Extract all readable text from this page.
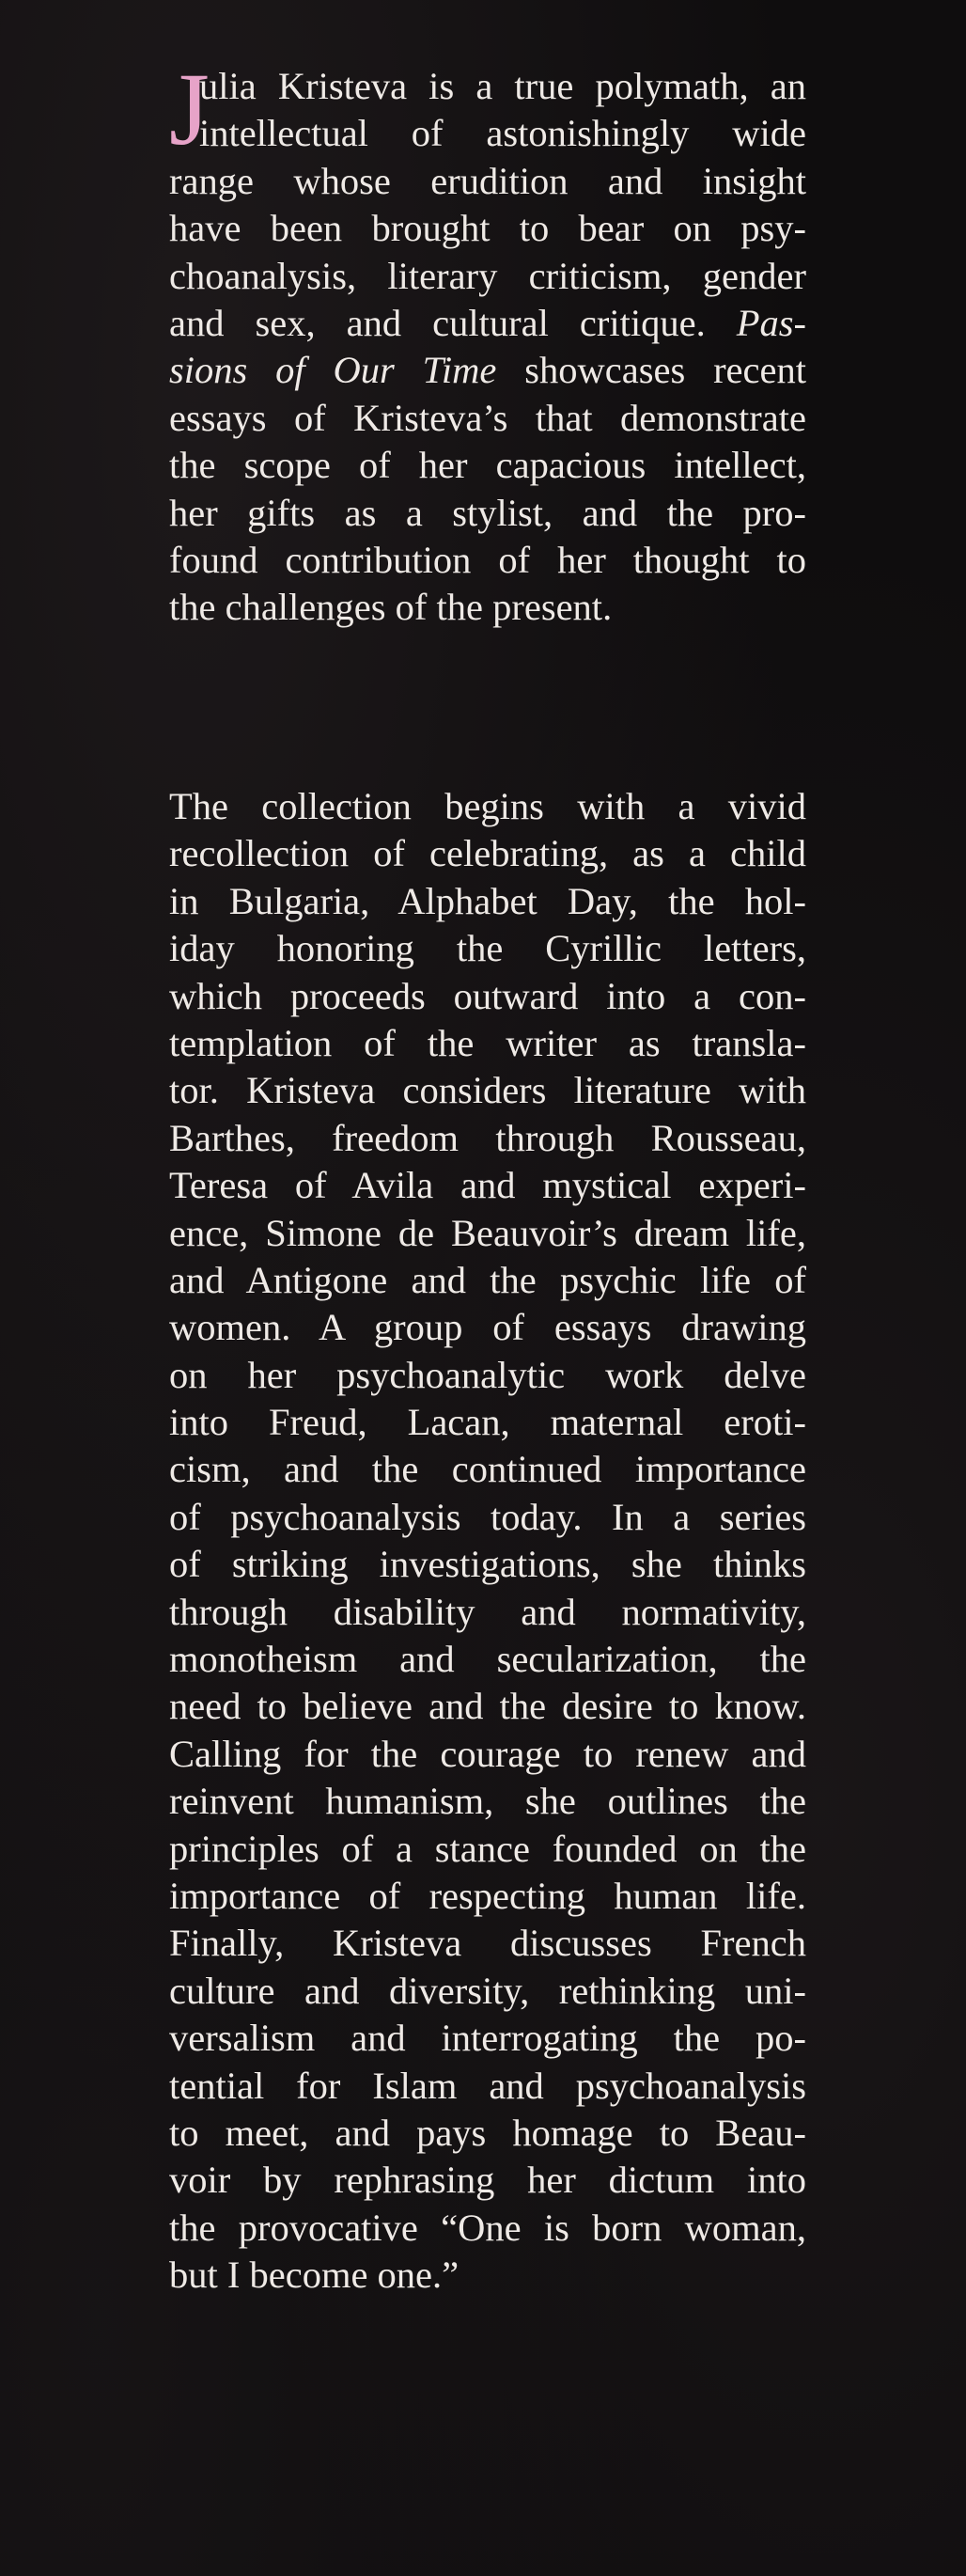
J
ulia Kristeva is a true polymath, an
intellectual of astonishingly wide
range whose erudition and insight
have been brought to bear on psy-
choanalysis, literary criticism, gender
and sex, and cultural critique. Pas-
sions of Our Time showcases recent
essays of Kristeva’s that demonstrate
the scope of her capacious intellect,
her gifts as a stylist, and the pro-
found contribution of her thought to
the challenges of the present.
The collection begins with a vivid
recollection of celebrating, as a child
in Bulgaria, Alphabet Day, the hol-
iday honoring the Cyrillic letters,
which proceeds outward into a con-
templation of the writer as transla-
tor. Kristeva considers literature with
Barthes, freedom through Rousseau,
Teresa of Avila and mystical experi-
ence, Simone de Beauvoir’s dream life,
and Antigone and the psychic life of
women. A group of essays drawing
on her psychoanalytic work delve
into Freud, Lacan, maternal eroti-
cism, and the continued importance
of psychoanalysis today. In a series
of striking investigations, she thinks
through disability and normativity,
monotheism and secularization, the
need to believe and the desire to know.
Calling for the courage to renew and
reinvent humanism, she outlines the
principles of a stance founded on the
importance of respecting human life.
Finally, Kristeva discusses French
culture and diversity, rethinking uni-
versalism and interrogating the po-
tential for Islam and psychoanalysis
to meet, and pays homage to Beau-
voir by rephrasing her dictum into
the provocative “One is born woman,
but I become one.”
